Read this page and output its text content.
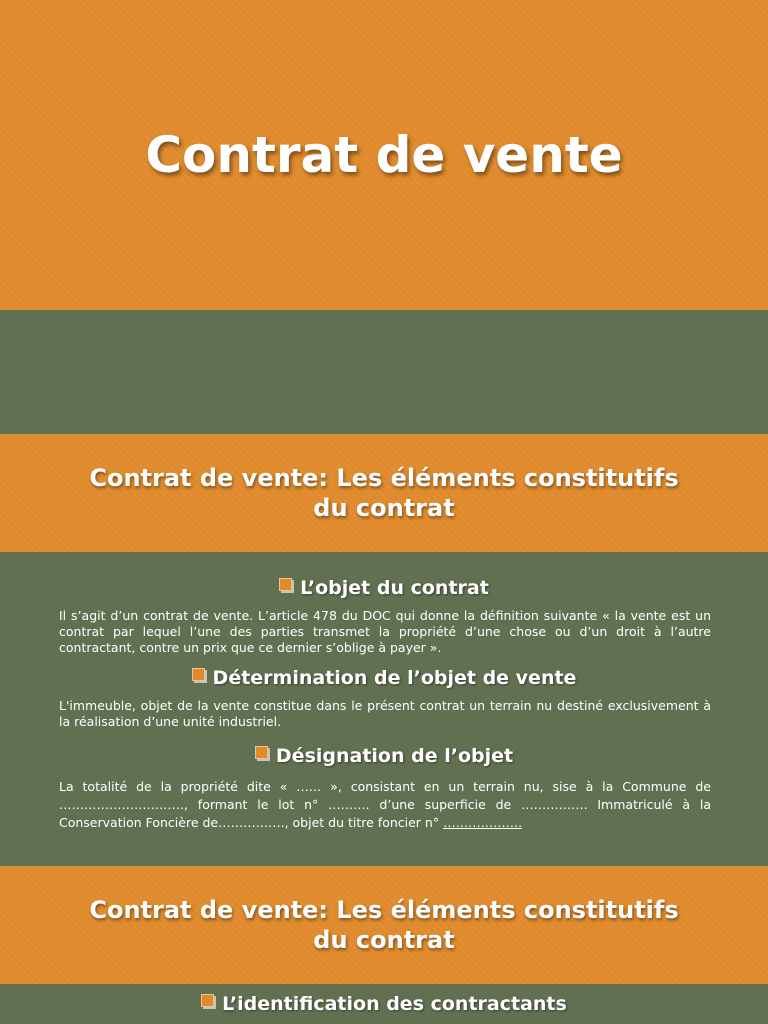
Contrat de vente
Contrat de vente: Les éléments constitutifs
du contrat
L’objet du contrat

Il s’agit d’un contrat de vente. L’article 478 du DOC qui donne la définition suivante « la vente est un contrat par lequel l’une des parties transmet la propriété d’une chose ou d’un droit à l’autre contractant, contre un prix que ce dernier s’oblige à payer ».

Détermination de l’objet de vente

L'immeuble, objet de la vente constitue dans le présent contrat un terrain nu destiné exclusivement à la réalisation d’une unité industriel.

Désignation de l’objet

La totalité de la propriété dite « …… », consistant en un terrain nu, sise à la Commune de …………………………, formant le lot n° ………. d’une superficie de ……………. Immatriculé à la Conservation Foncière de……………., objet du titre foncier n° ……………….

Contrat de vente: Les éléments constitutifs
du contrat
L’identification des contractants
